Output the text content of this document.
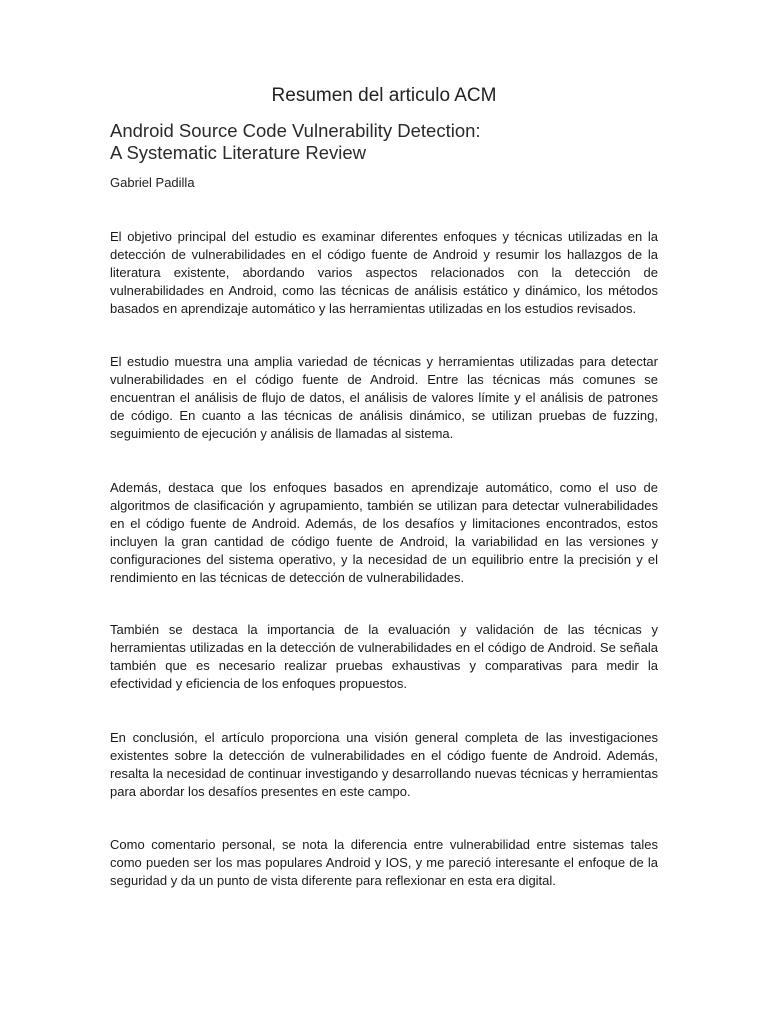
Resumen del articulo ACM
Android Source Code Vulnerability Detection:
A Systematic Literature Review

Gabriel Padilla

El objetivo principal del estudio es examinar diferentes enfoques y técnicas utilizadas en la detección de vulnerabilidades en el código fuente de Android y resumir los hallazgos de la literatura existente, abordando varios aspectos relacionados con la detección de vulnerabilidades en Android, como las técnicas de análisis estático y dinámico, los métodos basados en aprendizaje automático y las herramientas utilizadas en los estudios revisados.

El estudio muestra una amplia variedad de técnicas y herramientas utilizadas para detectar vulnerabilidades en el código fuente de Android. Entre las técnicas más comunes se encuentran el análisis de flujo de datos, el análisis de valores límite y el análisis de patrones de código. En cuanto a las técnicas de análisis dinámico, se utilizan pruebas de fuzzing, seguimiento de ejecución y análisis de llamadas al sistema.

Además, destaca que los enfoques basados en aprendizaje automático, como el uso de algoritmos de clasificación y agrupamiento, también se utilizan para detectar vulnerabilidades en el código fuente de Android. Además, de los desafíos y limitaciones encontrados, estos incluyen la gran cantidad de código fuente de Android, la variabilidad en las versiones y configuraciones del sistema operativo, y la necesidad de un equilibrio entre la precisión y el rendimiento en las técnicas de detección de vulnerabilidades.

También se destaca la importancia de la evaluación y validación de las técnicas y herramientas utilizadas en la detección de vulnerabilidades en el código de Android. Se señala también que es necesario realizar pruebas exhaustivas y comparativas para medir la efectividad y eficiencia de los enfoques propuestos.

En conclusión, el artículo proporciona una visión general completa de las investigaciones existentes sobre la detección de vulnerabilidades en el código fuente de Android. Además, resalta la necesidad de continuar investigando y desarrollando nuevas técnicas y herramientas para abordar los desafíos presentes en este campo.

Como comentario personal, se nota la diferencia entre vulnerabilidad entre sistemas tales como pueden ser los mas populares Android y IOS, y me pareció interesante el enfoque de la seguridad y da un punto de vista diferente para reflexionar en esta era digital.
